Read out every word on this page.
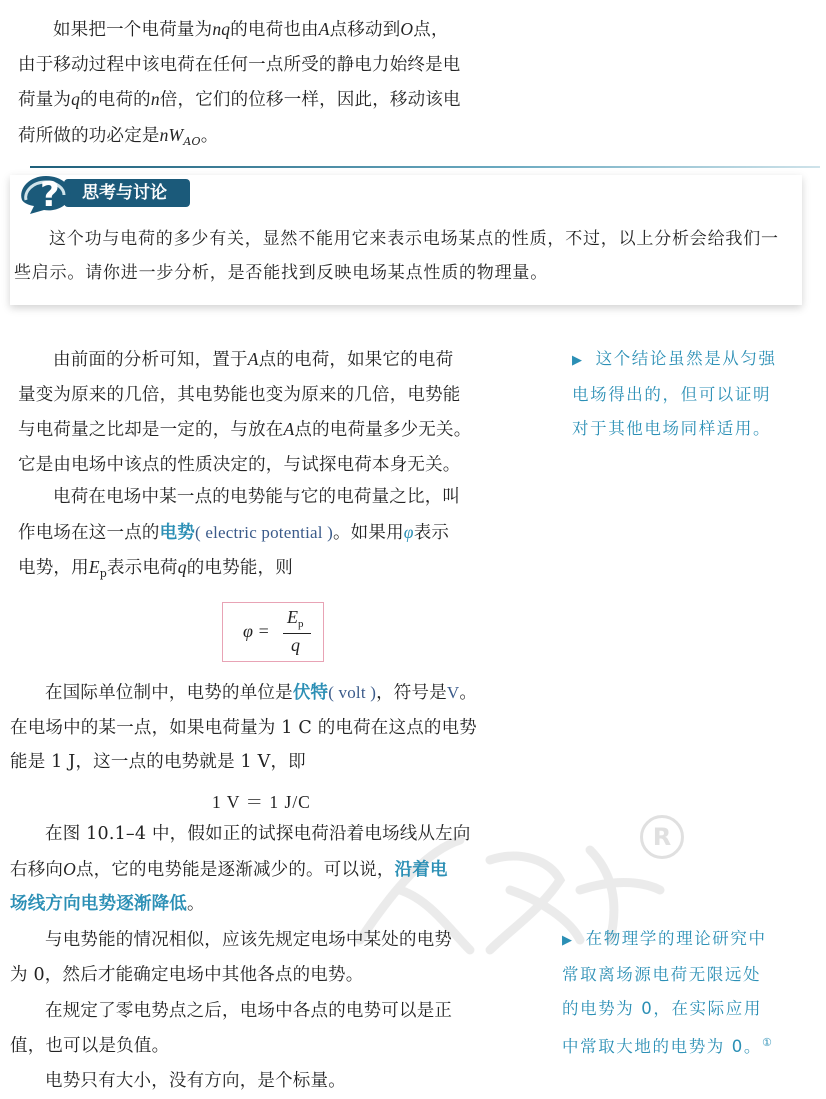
如果把一个电荷量为nq的电荷也由A点移动到O点，
由于移动过程中该电荷在任何一点所受的静电力始终是电
荷量为q的电荷的n倍，它们的位移一样，因此，移动该电
荷所做的功必定是$nW_{AO}$。
思考与讨论
?

这个功与电荷的多少有关，显然不能用它来表示电场某点的性质，不过，以上分析会给我们一些启示。请你进一步分析，是否能找到反映电场某点性质的物理量。

由前面的分析可知，置于A点的电荷，如果它的电荷
量变为原来的几倍，其电势能也变为原来的几倍，电势能
与电荷量之比却是一定的，与放在A点的电荷量多少无关。
它是由电场中该点的性质决定的，与试探电荷本身无关。
电荷在电场中某一点的电势能与它的电荷量之比，叫
作电场在这一点的电势( electric potential )。如果用φ表示
电势，用$E_p$表示电荷q的电势能，则
φ =
$E_p$
q
在国际单位制中，电势的单位是伏特( volt )，符号是V。
在电场中的某一点，如果电荷量为 1 C 的电荷在这点的电势
能是 1 J，这一点的电势就是 1 V，即
1 V ＝ 1 J/C
R
在图 10.1–4 中，假如正的试探电荷沿着电场线从左向
右移向O点，它的电势能是逐渐减少的。可以说，沿着电
场线方向电势逐渐降低。
与电势能的情况相似，应该先规定电场中某处的电势
为 0，然后才能确定电场中其他各点的电势。
在规定了零电势点之后，电场中各点的电势可以是正
值，也可以是负值。
电势只有大小，没有方向，是个标量。
▶ 这个结论虽然是从匀强
电场得出的，但可以证明
对于其他电场同样适用。
▶ 在物理学的理论研究中
常取离场源电荷无限远处
的电势为 0，在实际应用
中常取大地的电势为 0。①
